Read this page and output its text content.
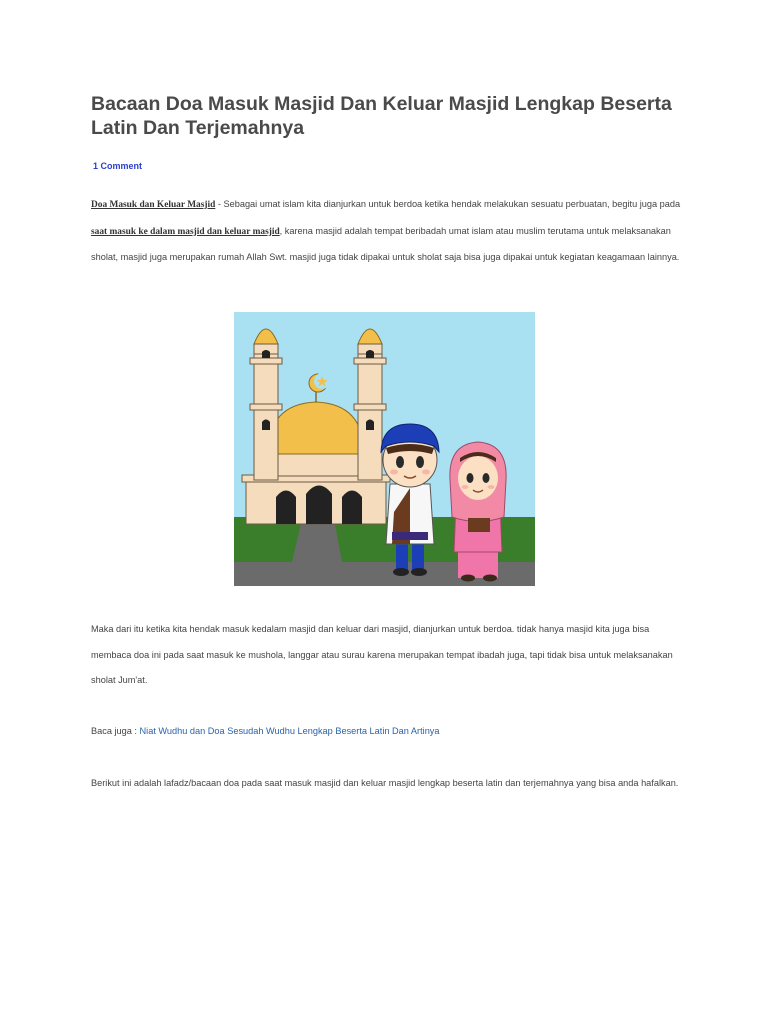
Bacaan Doa Masuk Masjid Dan Keluar Masjid Lengkap Beserta Latin Dan Terjemahnya
1 Comment

Doa Masuk dan Keluar Masjid - Sebagai umat islam kita dianjurkan untuk berdoa ketika hendak melakukan sesuatu perbuatan, begitu juga pada saat masuk ke dalam masjid dan keluar masjid, karena masjid adalah tempat beribadah umat islam atau muslim terutama untuk melaksanakan sholat, masjid juga merupakan rumah Allah Swt. masjid juga tidak dipakai untuk sholat saja bisa juga dipakai untuk kegiatan keagamaan lainnya.

Maka dari itu ketika kita hendak masuk kedalam masjid dan keluar dari masjid, dianjurkan untuk berdoa. tidak hanya masjid kita juga bisa membaca doa ini pada saat masuk ke mushola, langgar atau surau karena merupakan tempat ibadah juga, tapi tidak bisa untuk melaksanakan sholat Jum'at.

Baca juga : Niat Wudhu dan Doa Sesudah Wudhu Lengkap Beserta Latin Dan Artinya

Berikut ini adalah lafadz/bacaan doa pada saat masuk masjid dan keluar masjid lengkap beserta latin dan terjemahnya yang bisa anda hafalkan.
